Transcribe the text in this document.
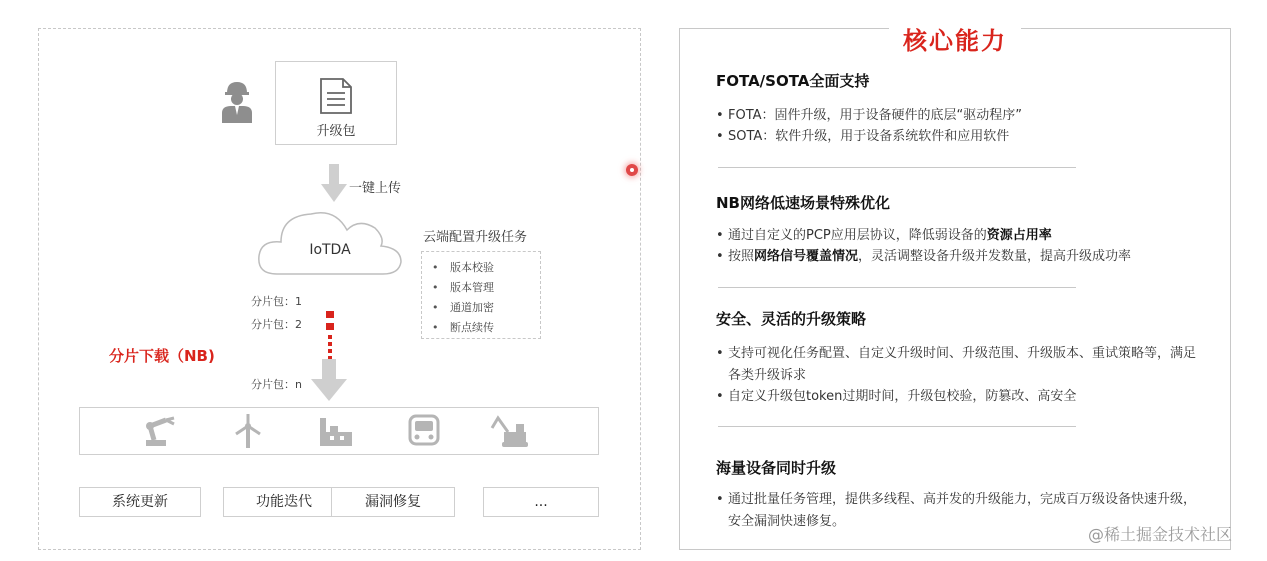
升级包
一键上传
IoTDA
云端配置升级任务
• 版本校验
• 版本管理
• 通道加密
• 断点续传
分片包：1
分片包：2
分片包：n
分片下载（NB)
系统更新	功能迭代	漏洞修复	...
核心能力
FOTA/SOTA全面支持
• FOTA：固件升级，用于设备硬件的底层“驱动程序”
• SOTA：软件升级，用于设备系统软件和应用软件
NB网络低速场景特殊优化
• 通过自定义的PCP应用层协议，降低弱设备的资源占用率
• 按照网络信号覆盖情况，灵活调整设备升级并发数量，提高升级成功率
安全、灵活的升级策略
• 支持可视化任务配置、自定义升级时间、升级范围、升级版本、重试策略等，满足各类升级诉求
• 自定义升级包token过期时间，升级包校验，防篡改、高安全
海量设备同时升级
• 通过批量任务管理，提供多线程、高并发的升级能力，完成百万级设备快速升级，安全漏洞快速修复。
@稀土掘金技术社区
